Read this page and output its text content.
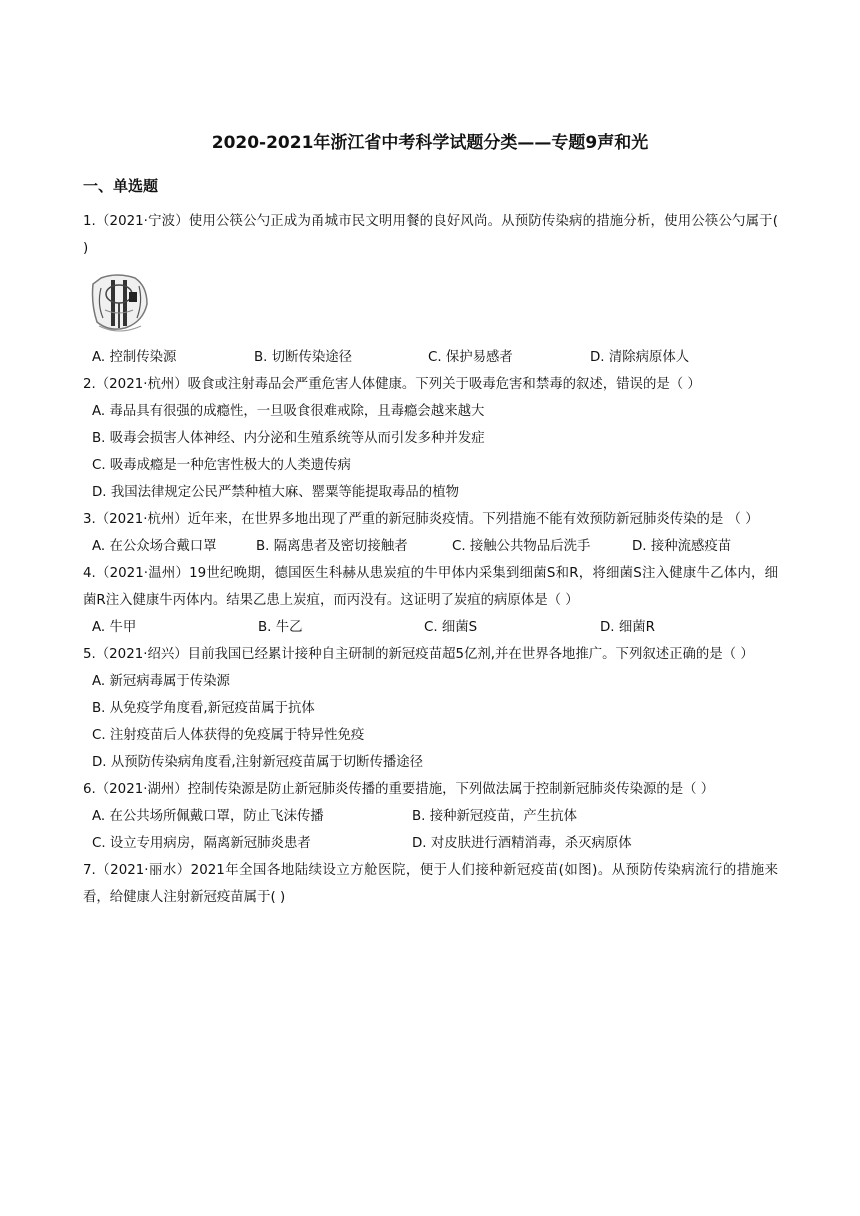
2020-2021年浙江省中考科学试题分类——专题9声和光
一、单选题

1.（2021·宁波）使用公筷公勺正成为甬城市民文明用餐的良好风尚。从预防传染病的措施分析，使用公筷公勺属于( )

A. 控制传染源	B. 切断传染途径	C. 保护易感者	D. 清除病原体人

2.（2021·杭州）吸食或注射毒品会严重危害人体健康。下列关于吸毒危害和禁毒的叙述，错误的是（ ）

A. 毒品具有很强的成瘾性，一旦吸食很难戒除，且毒瘾会越来越大

B. 吸毒会损害人体神经、内分泌和生殖系统等从而引发多种并发症

C. 吸毒成瘾是一种危害性极大的人类遗传病

D. 我国法律规定公民严禁种植大麻、罂粟等能提取毒品的植物

3.（2021·杭州）近年来，在世界多地出现了严重的新冠肺炎疫情。下列措施不能有效预防新冠肺炎传染的是 （ ）

A. 在公众场合戴口罩	B. 隔离患者及密切接触者	C. 接触公共物品后洗手	D. 接种流感疫苗

4.（2021·温州）19世纪晚期，德国医生科赫从患炭疽的牛甲体内采集到细菌S和R，将细菌S注入健康牛乙体内，细菌R注入健康牛丙体内。结果乙患上炭疽，而丙没有。这证明了炭疽的病原体是（ ）

A. 牛甲	B. 牛乙	C. 细菌S	D. 细菌R

5.（2021·绍兴）目前我国已经累计接种自主研制的新冠疫苗超5亿剂,并在世界各地推广。下列叙述正确的是（ ）

A. 新冠病毒属于传染源

B. 从免疫学角度看,新冠疫苗属于抗体

C. 注射疫苗后人体获得的免疫属于特异性免疫

D. 从预防传染病角度看,注射新冠疫苗属于切断传播途径

6.（2021·湖州）控制传染源是防止新冠肺炎传播的重要措施，下列做法属于控制新冠肺炎传染源的是（ ）

A. 在公共场所佩戴口罩，防止飞沫传播	B. 接种新冠疫苗，产生抗体
C. 设立专用病房，隔离新冠肺炎患者	D. 对皮肤进行酒精消毒，杀灭病原体

7.（2021·丽水）2021年全国各地陆续设立方舱医院，便于人们接种新冠疫苗(如图)。从预防传染病流行的措施来看，给健康人注射新冠疫苗属于( )
